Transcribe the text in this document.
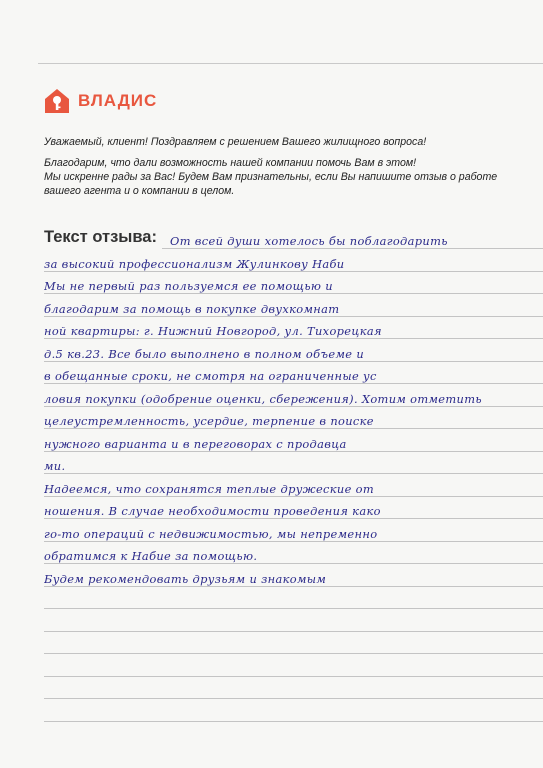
ВЛАДИС

Уважаемый, клиент! Поздравляем с решением Вашего жилищного вопроса!

Благодарим, что дали возможность нашей компании помочь Вам в этом!

Мы искренне рады за Вас! Будем Вам признательны, если Вы напишите отзыв о работе вашего агента и о компании в целом.

Текст отзыва: От всей души хотелось бы поблагодарить
за высокий профессионализм Жулинкову Наби
Мы не первый раз пользуемся ее помощью и
благодарим за помощь в покупке двухкомнат
ной квартиры: г. Нижний Новгород, ул. Тихорецкая
д.5 кв.23. Все было выполнено в полном объеме и
в обещанные сроки, не смотря на ограниченные ус
ловия покупки (одобрение оценки, сбережения). Хотим отметить
целеустремленность, усердие, терпение в поиске
нужного варианта и в переговорах с продавца
ми.
Надеемся, что сохранятся теплые дружеские от
ношения. В случае необходимости проведения како
го-то операций с недвижимостью, мы непременно
обратимся к Набие за помощью.
Будем рекомендовать друзьям и знакомым
